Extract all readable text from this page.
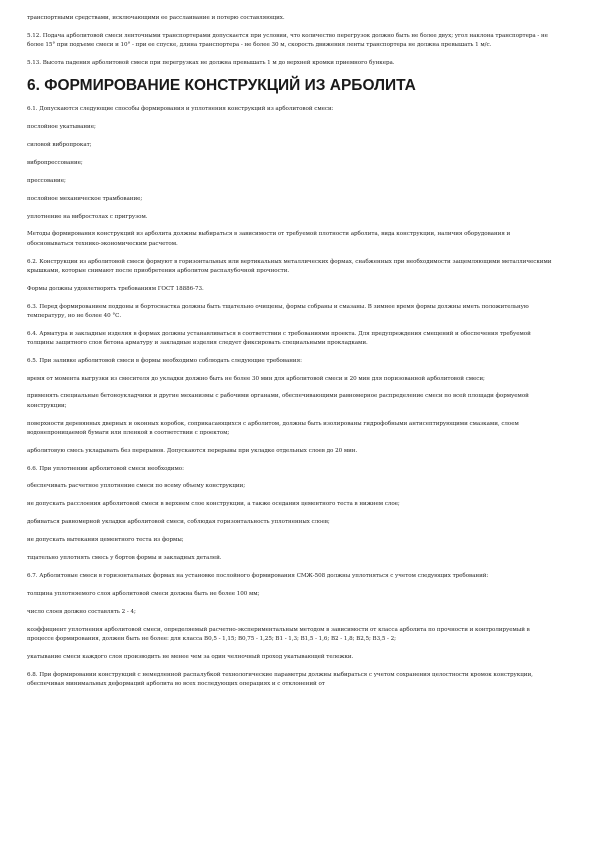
транспортными средствами, исключающими ее расслаивание и потерю составляющих.

5.12. Подача арболитовой смеси ленточными транспортерами допускается при условии, что количество перегрузок должно быть не более двух; угол наклона транспортера - не более 15° при подъеме смеси и 10° - при ее спуске, длина транспортера - не более 30 м, скорость движения ленты транспортера не должна превышать 1 м/с.

5.13. Высота падения арболитовой смеси при перегрузках не должна превышать 1 м до верхней кромки приемного бункера.

6. ФОРМИРОВАНИЕ КОНСТРУКЦИЙ ИЗ АРБОЛИТА

6.1. Допускаются следующие способы формирования и уплотнения конструкций из арболитовой смеси:

послойное укатывание;

силовой вибропрокат;

вибропрессование;

прессование;

послойное механическое трамбование;

уплотнение на вибростолах с пригрузом.

Методы формирования конструкций из арболита должны выбираться в зависимости от требуемой плотности арболита, вида конструкции, наличия оборудования и обосновываться технико-экономическим расчетом.

6.2. Конструкции из арболитовой смеси формуют в горизонтальных или вертикальных металлических формах, снабженных при необходимости защемляющими металлическими крышками, которые снимают после приобретения арболитом распалубочной прочности.

Формы должны удовлетворять требованиям ГОСТ 18886-73.

6.3. Перед формированием поддоны и бортоснастка должны быть тщательно очищены, формы собраны и смазаны. В зимнее время формы должны иметь положительную температуру, но не более 40 °С.

6.4. Арматура и закладные изделия в формах должны устанавливаться в соответствии с требованиями проекта. Для предупреждения смещений и обеспечения требуемой толщины защитного слоя бетона арматуру и закладные изделия следует фиксировать специальными прокладками.

6.5. При заливке арболитовой смеси в формы необходимо соблюдать следующие требования:

время от момента выгрузки из смесителя до укладки должно быть не более 30 мин для арболитовой смеси и 20 мин для поризованной арболитовой смеси;

применять специальные бетоноукладчики и другие механизмы с рабочими органами, обеспечивающими равномерное распределение смеси по всей площади формуемой конструкции;

поверхности деревянных дверных и оконных коробок, соприкасающихся с арболитом, должны быть изолированы гидрофобными антисептирующими смазками, слоем водонепроницаемой бумаги или пленкой в соответствии с проектом;

арболитовую смесь укладывать без перерывов. Допускаются перерывы при укладке отдельных слоев до 20 мин.

6.6. При уплотнении арболитовой смеси необходимо:

обеспечивать расчетное уплотнение смеси по всему объему конструкции;

не допускать расслоения арболитовой смеси в верхнем слое конструкции, а также оседания цементного теста в нижнем слое;

добиваться равномерной укладки арболитовой смеси, соблюдая горизонтальность уплотненных слоев;

не допускать вытекания цементного теста из формы;

тщательно уплотнять смесь у бортов формы и закладных деталей.

6.7. Арболитовые смеси в горизонтальных формах на установке послойного формирования СМЖ-508 должны уплотняться с учетом следующих требований:

толщина уплотняемого слоя арболитовой смеси должна быть не более 100 мм;

число слоев должно составлять 2 - 4;

коэффициент уплотнения арболитовой смеси, определяемый расчетно-экспериментальным методом в зависимости от класса арболита по прочности и контролируемый в процессе формирования, должен быть не более: для класса В0,5 - 1,15; В0,75 - 1,25; В1 - 1,3; В1,5 - 1,6; В2 - 1,8; В2,5; В3,5 - 2;

укатывание смеси каждого слоя производить не менее чем за один челночный проход укатывающей тележки.

6.8. При формировании конструкций с немедленной распалубкой технологические параметры должны выбираться с учетом сохранения целостности кромок конструкции, обеспечивая минимальных деформаций арболита во всех последующих операциях и с отклонений от
